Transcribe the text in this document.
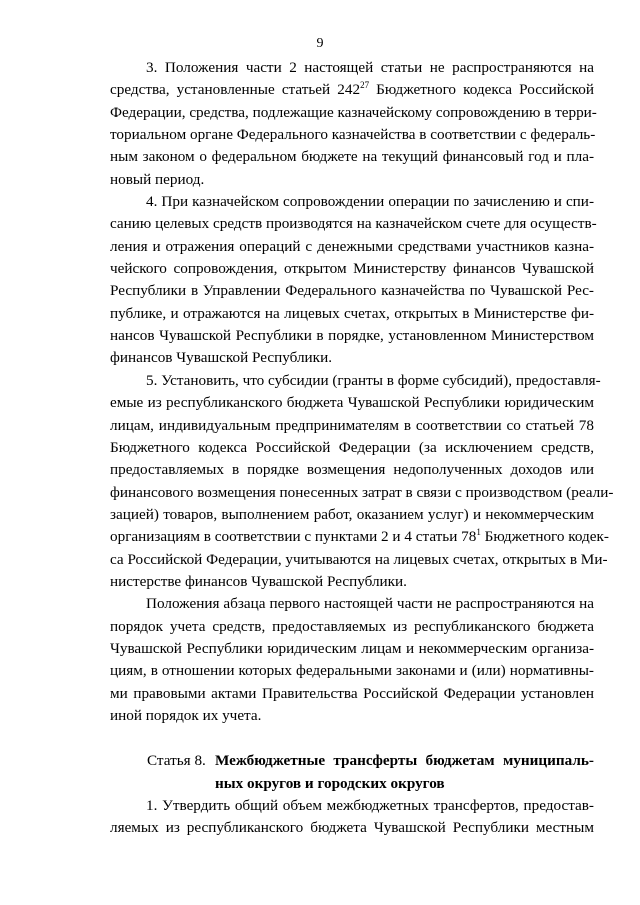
9

3. Положения части 2 настоящей статьи не распространяются на
средства, установленные статьей $242^{27}$ Бюджетного кодекса Российской
Федерации, средства, подлежащие казначейскому сопровождению в терри-
ториальном органе Федерального казначейства в соответствии с федераль-
ным законом о федеральном бюджете на текущий финансовый год и пла-
новый период.

4. При казначейском сопровождении операции по зачислению и спи-
санию целевых средств производятся на казначейском счете для осуществ-
ления и отражения операций с денежными средствами участников казна-
чейского сопровождения, открытом Министерству финансов Чувашской
Республики в Управлении Федерального казначейства по Чувашской Рес-
публике, и отражаются на лицевых счетах, открытых в Министерстве фи-
нансов Чувашской Республики в порядке, установленном Министерством
финансов Чувашской Республики.

5. Установить, что субсидии (гранты в форме субсидий), предоставля-
емые из республиканского бюджета Чувашской Республики юридическим
лицам, индивидуальным предпринимателям в соответствии со статьей 78
Бюджетного кодекса Российской Федерации (за исключением средств,
предоставляемых в порядке возмещения недополученных доходов или
финансового возмещения понесенных затрат в связи с производством (реали-
зацией) товаров, выполнением работ, оказанием услуг) и некоммерческим
организациям в соответствии с пунктами 2 и 4 статьи $78^1$ Бюджетного кодек-
са Российской Федерации, учитываются на лицевых счетах, открытых в Ми-
нистерстве финансов Чувашской Республики.

Положения абзаца первого настоящей части не распространяются на
порядок учета средств, предоставляемых из республиканского бюджета
Чувашской Республики юридическим лицам и некоммерческим организа-
циям, в отношении которых федеральными законами и (или) нормативны-
ми правовыми актами Правительства Российской Федерации установлен
иной порядок их учета.

Статья 8. Межбюджетные трансферты бюджетам муниципаль-
ных округов и городских округов

1. Утвердить общий объем межбюджетных трансфертов, предостав-
ляемых из республиканского бюджета Чувашской Республики местным
